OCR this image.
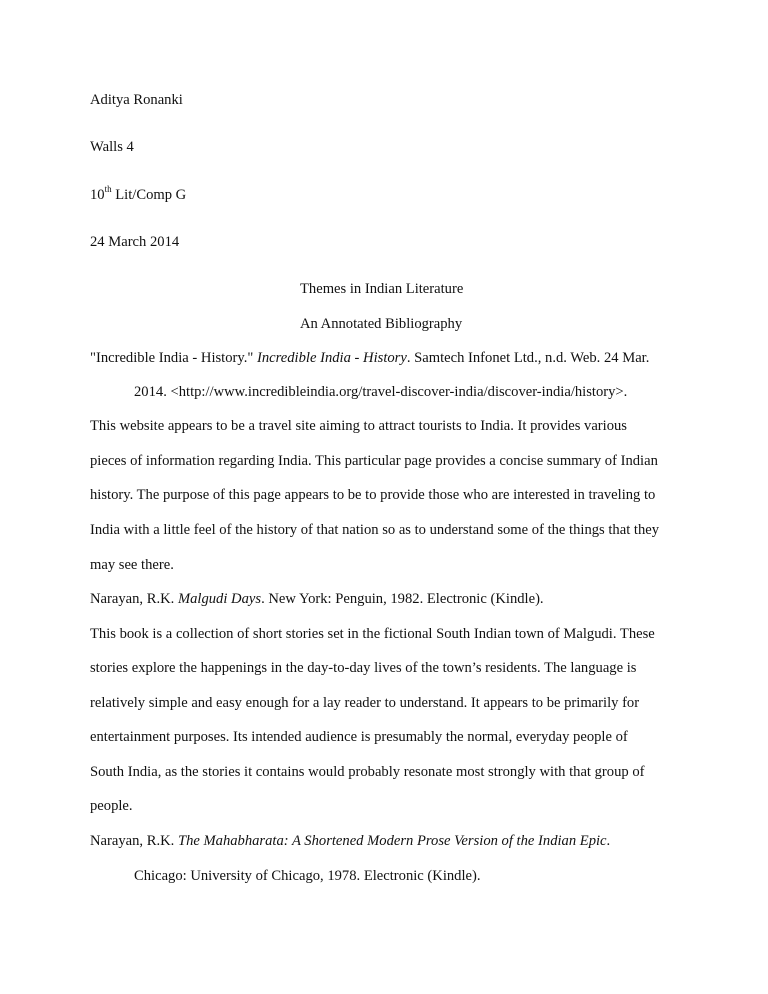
Aditya Ronanki
Walls 4
10th Lit/Comp G
24 March 2014
Themes in Indian Literature
An Annotated Bibliography
"Incredible India - History." Incredible India - History. Samtech Infonet Ltd., n.d. Web. 24 Mar.
2014. <http://www.incredibleindia.org/travel-discover-india/discover-india/history>.
This website appears to be a travel site aiming to attract tourists to India. It provides various
pieces of information regarding India. This particular page provides a concise summary of Indian
history. The purpose of this page appears to be to provide those who are interested in traveling to
India with a little feel of the history of that nation so as to understand some of the things that they
may see there.
Narayan, R.K. Malgudi Days. New York: Penguin, 1982. Electronic (Kindle).
This book is a collection of short stories set in the fictional South Indian town of Malgudi. These
stories explore the happenings in the day-to-day lives of the town’s residents. The language is
relatively simple and easy enough for a lay reader to understand. It appears to be primarily for
entertainment purposes. Its intended audience is presumably the normal, everyday people of
South India, as the stories it contains would probably resonate most strongly with that group of
people.
Narayan, R.K. The Mahabharata: A Shortened Modern Prose Version of the Indian Epic.
Chicago: University of Chicago, 1978. Electronic (Kindle).
